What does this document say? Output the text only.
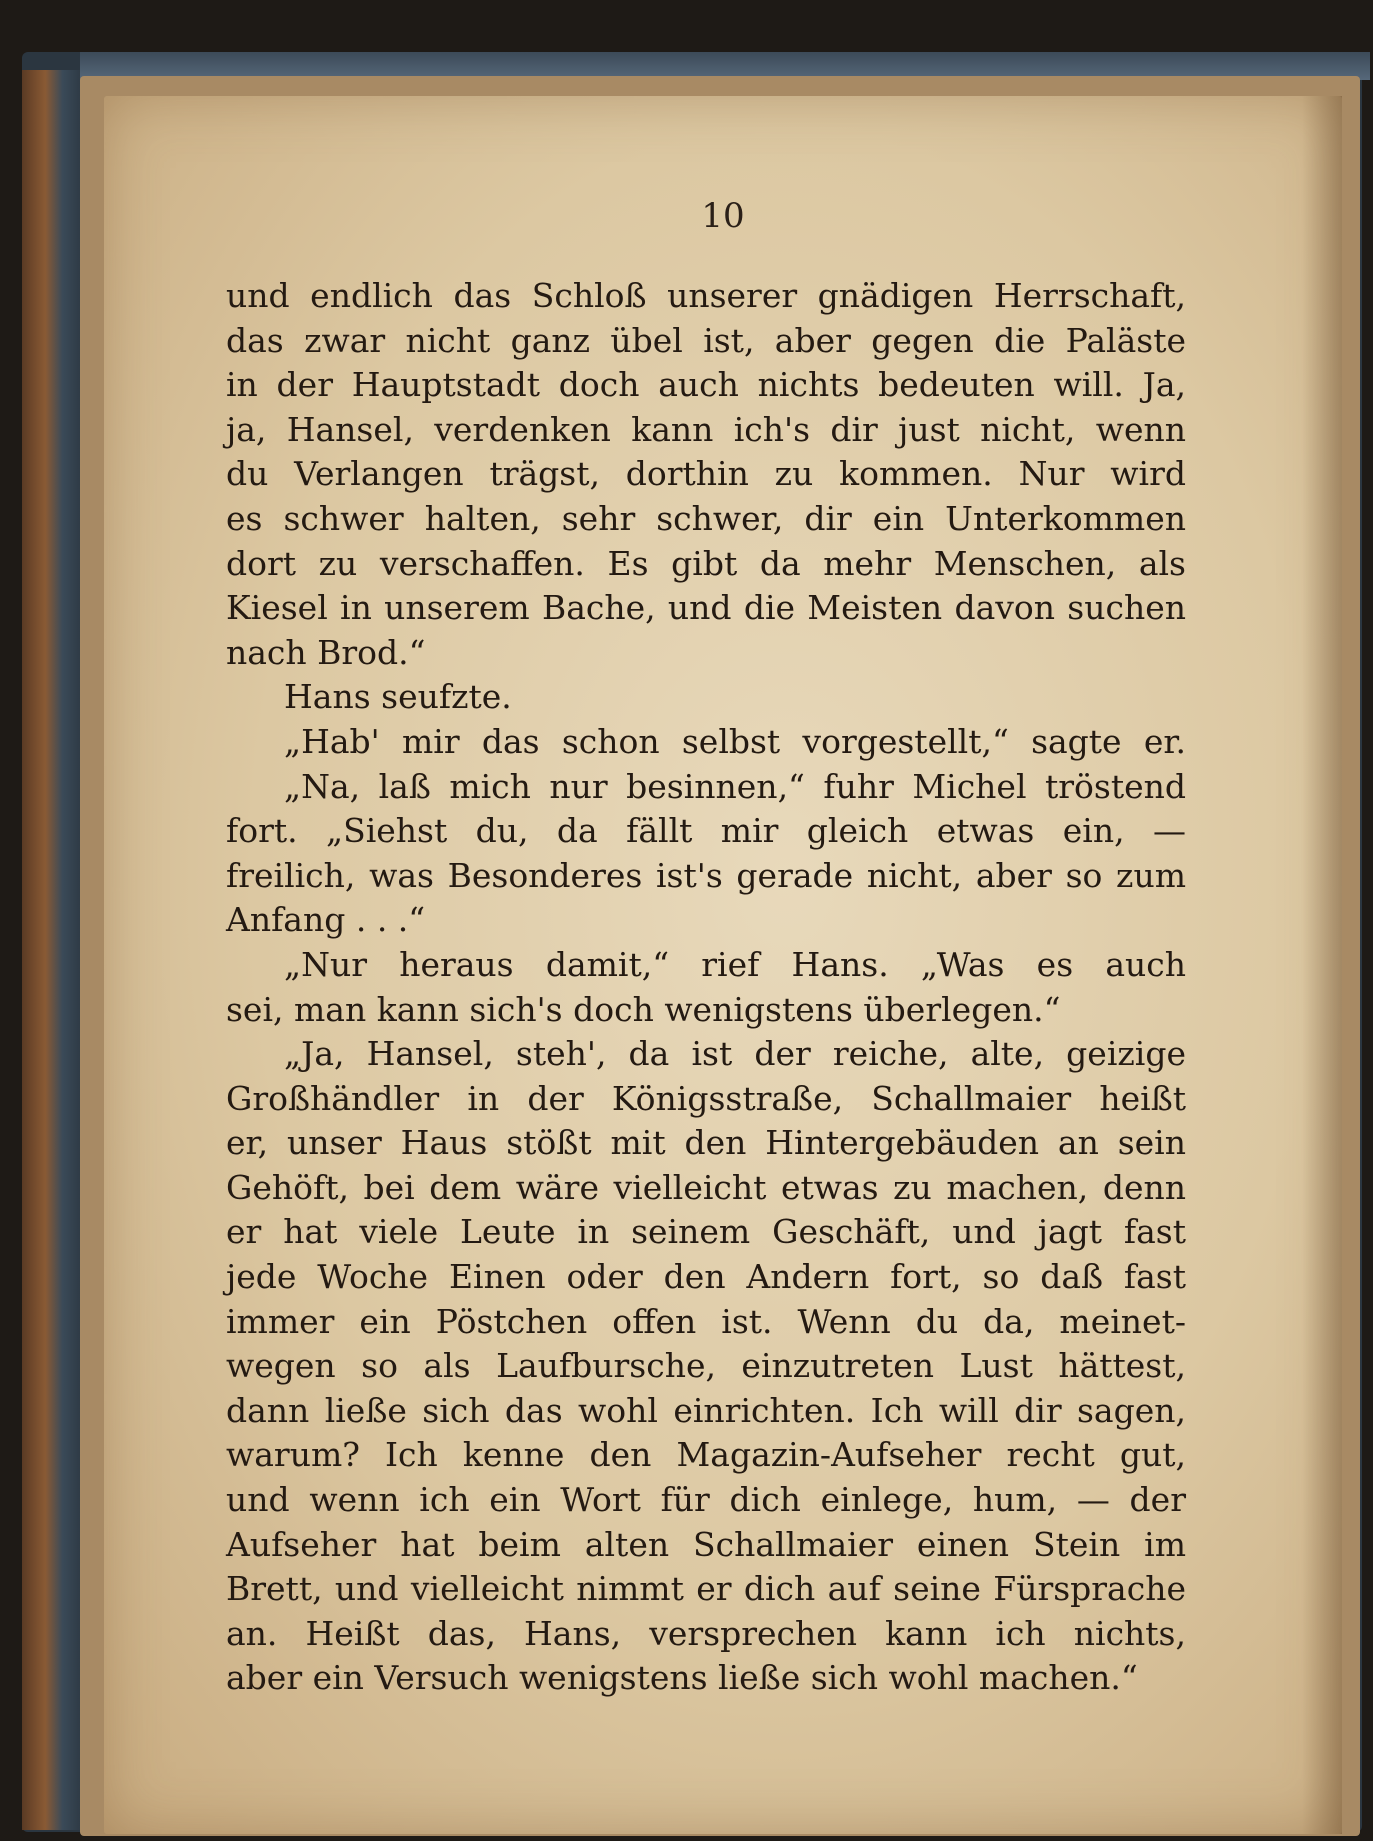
10
und endlich das Schloß unserer gnädigen Herrschaft,
das zwar nicht ganz übel ist, aber gegen die Paläste
in der Hauptstadt doch auch nichts bedeuten will. Ja,
ja, Hansel, verdenken kann ich's dir just nicht, wenn
du Verlangen trägst, dorthin zu kommen. Nur wird
es schwer halten, sehr schwer, dir ein Unterkommen
dort zu verschaffen. Es gibt da mehr Menschen, als
Kiesel in unserem Bache, und die Meisten davon suchen
nach Brod.“
Hans seufzte.
„Hab' mir das schon selbst vorgestellt,“ sagte er.
„Na, laß mich nur besinnen,“ fuhr Michel tröstend
fort. „Siehst du, da fällt mir gleich etwas ein, —
freilich, was Besonderes ist's gerade nicht, aber so zum
Anfang . . .“
„Nur heraus damit,“ rief Hans. „Was es auch
sei, man kann sich's doch wenigstens überlegen.“
„Ja, Hansel, steh', da ist der reiche, alte, geizige
Großhändler in der Königsstraße, Schallmaier heißt
er, unser Haus stößt mit den Hintergebäuden an sein
Gehöft, bei dem wäre vielleicht etwas zu machen, denn
er hat viele Leute in seinem Geschäft, und jagt fast
jede Woche Einen oder den Andern fort, so daß fast
immer ein Pöstchen offen ist. Wenn du da, meinet-
wegen so als Laufbursche, einzutreten Lust hättest,
dann ließe sich das wohl einrichten. Ich will dir sagen,
warum? Ich kenne den Magazin-Aufseher recht gut,
und wenn ich ein Wort für dich einlege, hum, — der
Aufseher hat beim alten Schallmaier einen Stein im
Brett, und vielleicht nimmt er dich auf seine Fürsprache
an. Heißt das, Hans, versprechen kann ich nichts,
aber ein Versuch wenigstens ließe sich wohl machen.“
